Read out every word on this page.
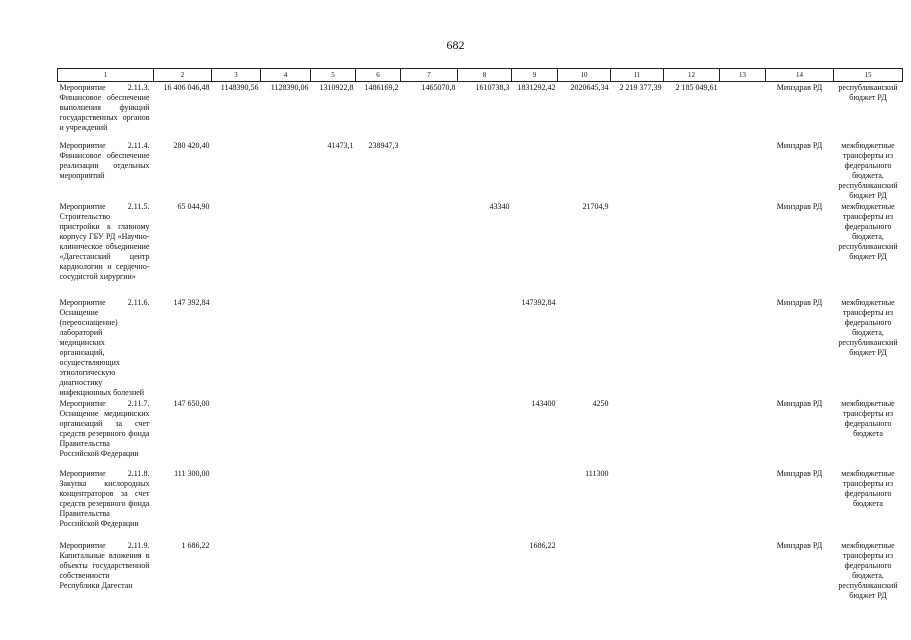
682
1	2	3	4	5	6	7	8	9	10	11	12	13	14	15
Мероприятие 2.11.3. Финансовое обеспечение выполнения функций государственных органов и учреждений	16 406 046,48	1148390,56	1128390,06	1310922,8	1486169,2	1465070,8	1610738,3	1831292,42	2020645,34	2 219 377,39	2 185 049,61		Минздрав РД	республиканский бюджет РД
Мероприятие 2.11.4. Финансовое обеспечение реализации отдельных мероприятий	280 420,40			41473,1	238947,3								Минздрав РД	межбюджетные трансферты из федерального бюджета, республиканский бюджет РД
Мероприятие 2.11.5. Строительство пристройки к главному корпусу ГБУ РД «Научно-клиническое объединение «Дагестанский центр кардиологии и сердечно-сосудистой хирургии»	65 044,90						43340		21704,9				Минздрав РД	межбюджетные трансферты из федерального бюджета, республиканский бюджет РД
Мероприятие 2.11.6. Оснащение (переоснащение) лабораторий медицинских организаций, осуществляющих этиологическую диагностику инфекционных болезней	147 392,84							147392,84					Минздрав РД	межбюджетные трансферты из федерального бюджета, республиканский бюджет РД
Мероприятие 2.11.7. Оснащение медицинских организаций за счет средств резервного фонда Правительства Российской Федерации	147 650,00							143400	4250				Минздрав РД	межбюджетные трансферты из федерального бюджета
Мероприятие 2.11.8. Закупка кислородных концентраторов за счет средств резервного фонда Правительства Российской Федерации	111 300,00								111300				Минздрав РД	межбюджетные трансферты из федерального бюджета
Мероприятие 2.11.9. Капитальные вложения в объекты государственной собственности Республики Дагестан	1 686,22							1686,22					Минздрав РД	межбюджетные трансферты из федерального бюджета, республиканский бюджет РД
